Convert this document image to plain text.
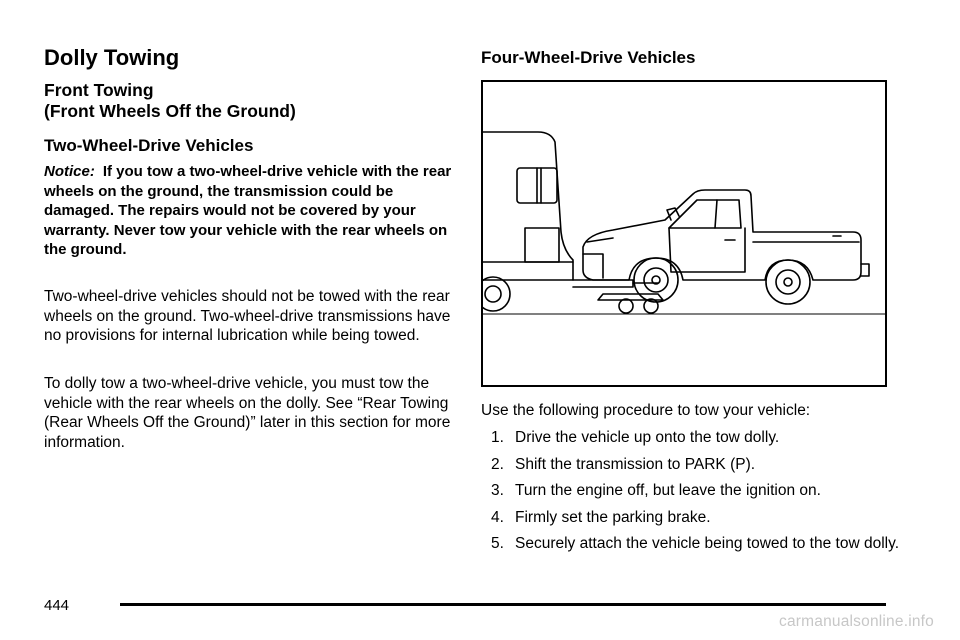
Dolly Towing
Front Towing
(Front Wheels Off the Ground)
Two-Wheel-Drive Vehicles
Notice: If you tow a two-wheel-drive vehicle with the rear wheels on the ground, the transmission could be damaged. The repairs would not be covered by your warranty. Never tow your vehicle with the rear wheels on the ground.

Two-wheel-drive vehicles should not be towed with the rear wheels on the ground. Two-wheel-drive transmissions have no provisions for internal lubrication while being towed.

To dolly tow a two-wheel-drive vehicle, you must tow the vehicle with the rear wheels on the dolly. See “Rear Towing (Rear Wheels Off the Ground)” later in this section for more information.

Four-Wheel-Drive Vehicles

Use the following procedure to tow your vehicle:

1. Drive the vehicle up onto the tow dolly.
2. Shift the transmission to PARK (P).
3. Turn the engine off, but leave the ignition on.
4. Firmly set the parking brake.
5. Securely attach the vehicle being towed to the tow dolly.
444
carmanualsonline.info
